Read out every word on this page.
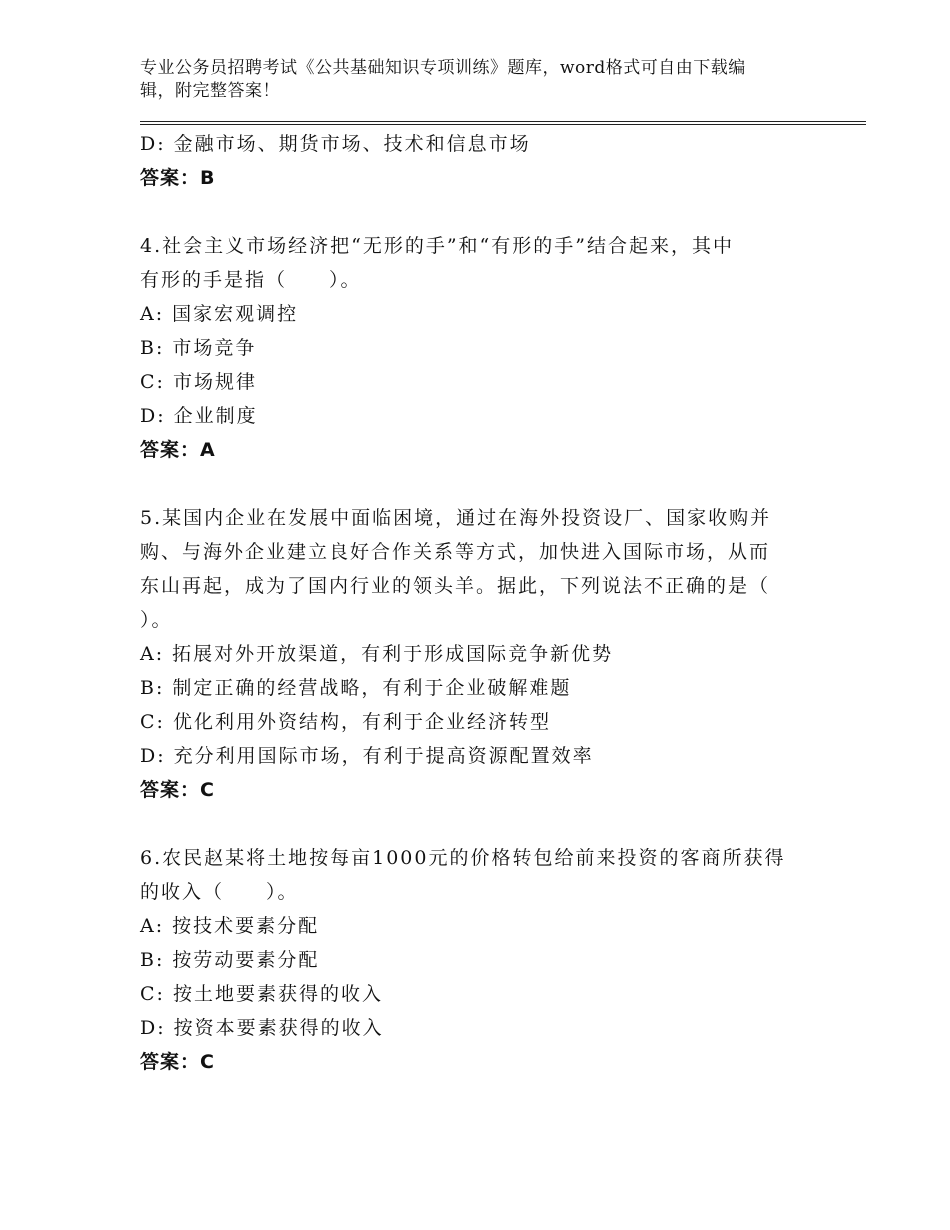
专业公务员招聘考试《公共基础知识专项训练》题库，word格式可自由下载编
辑，附完整答案！
D: 金融市场、期货市场、技术和信息市场
答案：B
4.社会主义市场经济把“无形的手”和“有形的手”结合起来，其中
有形的手是指（　　）。
A: 国家宏观调控
B: 市场竞争
C: 市场规律
D: 企业制度
答案：A
5.某国内企业在发展中面临困境，通过在海外投资设厂、国家收购并
购、与海外企业建立良好合作关系等方式，加快进入国际市场，从而
东山再起，成为了国内行业的领头羊。据此，下列说法不正确的是（
）。
A: 拓展对外开放渠道，有利于形成国际竞争新优势
B: 制定正确的经营战略，有利于企业破解难题
C: 优化利用外资结构，有利于企业经济转型
D: 充分利用国际市场，有利于提高资源配置效率
答案：C
6.农民赵某将土地按每亩1000元的价格转包给前来投资的客商所获得
的收入（　　）。
A: 按技术要素分配
B: 按劳动要素分配
C: 按土地要素获得的收入
D: 按资本要素获得的收入
答案：C
